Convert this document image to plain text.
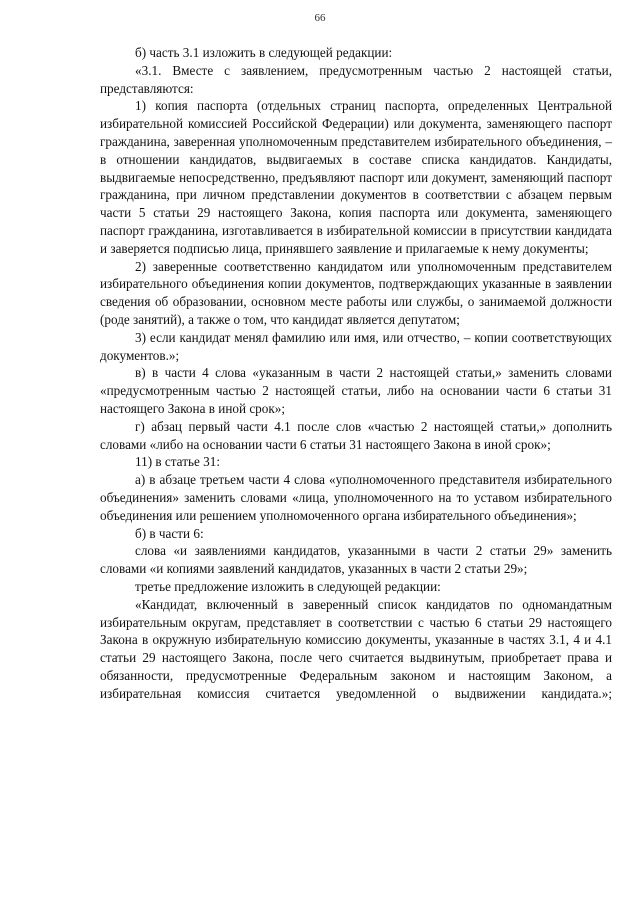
66

б) часть 3.1 изложить в следующей редакции:

«3.1. Вместе с заявлением, предусмотренным частью 2 настоящей статьи, представляются:

1) копия паспорта (отдельных страниц паспорта, определенных Центральной избирательной комиссией Российской Федерации) или документа, заменяющего паспорт гражданина, заверенная уполномоченным представителем избирательного объединения, – в отношении кандидатов, выдвигаемых в составе списка кандидатов. Кандидаты, выдвигаемые непосредственно, предъявляют паспорт или документ, заменяющий паспорт гражданина, при личном представлении документов в соответствии с абзацем первым части 5 статьи 29 настоящего Закона, копия паспорта или документа, заменяющего паспорт гражданина, изготавливается в избирательной комиссии в присутствии кандидата и заверяется подписью лица, принявшего заявление и прилагаемые к нему документы;

2) заверенные соответственно кандидатом или уполномоченным представителем избирательного объединения копии документов, подтверждающих указанные в заявлении сведения об образовании, основном месте работы или службы, о занимаемой должности (роде занятий), а также о том, что кандидат является депутатом;

3) если кандидат менял фамилию или имя, или отчество, – копии соответствующих документов.»;

в) в части 4 слова «указанным в части 2 настоящей статьи,» заменить словами «предусмотренным частью 2 настоящей статьи, либо на основании части 6 статьи 31 настоящего Закона в иной срок»;

г) абзац первый части 4.1 после слов «частью 2 настоящей статьи,» дополнить словами «либо на основании части 6 статьи 31 настоящего Закона в иной срок»;

11) в статье 31:

а) в абзаце третьем части 4 слова «уполномоченного представителя избирательного объединения» заменить словами «лица, уполномоченного на то уставом избирательного объединения или решением уполномоченного органа избирательного объединения»;

б) в части 6:

слова «и заявлениями кандидатов, указанными в части 2 статьи 29» заменить словами «и копиями заявлений кандидатов, указанных в части 2 статьи 29»;

третье предложение изложить в следующей редакции:

«Кандидат, включенный в заверенный список кандидатов по одномандатным избирательным округам, представляет в соответствии с частью 6 статьи 29 настоящего Закона в окружную избирательную комиссию документы, указанные в частях 3.1, 4 и 4.1 статьи 29 настоящего Закона, после чего считается выдвинутым, приобретает права и обязанности, предусмотренные Федеральным законом и настоящим Законом, а избирательная комиссия считается уведомленной о выдвижении кандидата.»;
